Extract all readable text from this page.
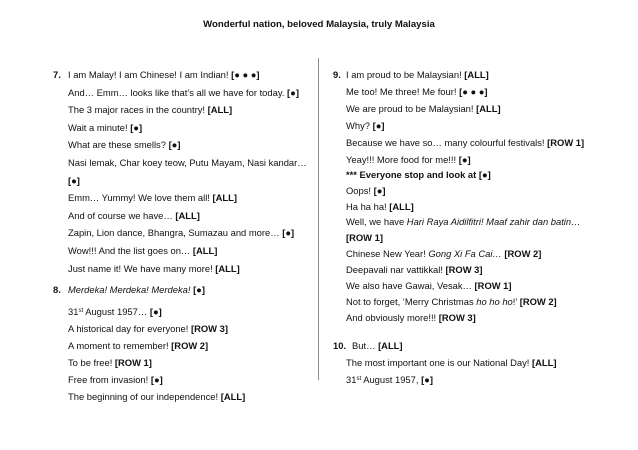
Wonderful nation, beloved Malaysia, truly Malaysia
7. I am Malay! I am Chinese! I am Indian! [● ● ●]
And… Emm… looks like that’s all we have for today. [●]
The 3 major races in the country! [ALL]
Wait a minute! [●]
What are these smells? [●]
Nasi lemak, Char koey teow, Putu Mayam, Nasi kandar…
[●]
Emm… Yummy! We love them all! [ALL]
And of course we have… [ALL]
Zapin, Lion dance, Bhangra, Sumazau and more… [●]
Wow!!! And the list goes on… [ALL]
Just name it! We have many more! [ALL]
8. Merdeka! Merdeka! Merdeka! [●]
31st August 1957… [●]
A historical day for everyone! [ROW 3]
A moment to remember! [ROW 2]
To be free! [ROW 1]
Free from invasion! [●]
The beginning of our independence! [ALL]
9. I am proud to be Malaysian! [ALL]
Me too! Me three! Me four! [● ● ●]
We are proud to be Malaysian! [ALL]
Why? [●]
Because we have so… many colourful festivals! [ROW 1]
Yeay!!! More food for me!!! [●]
*** Everyone stop and look at [●]
Oops! [●]
Ha ha ha! [ALL]
Well, we have Hari Raya Aidilfitri! Maaf zahir dan batin…
[ROW 1]
Chinese New Year! Gong Xi Fa Cai… [ROW 2]
Deepavali nar vattikkal! [ROW 3]
We also have Gawai, Vesak… [ROW 1]
Not to forget, ‘Merry Christmas ho ho ho!’ [ROW 2]
And obviously more!!! [ROW 3]
10. But… [ALL]
The most important one is our National Day! [ALL]
31st August 1957, [●]
